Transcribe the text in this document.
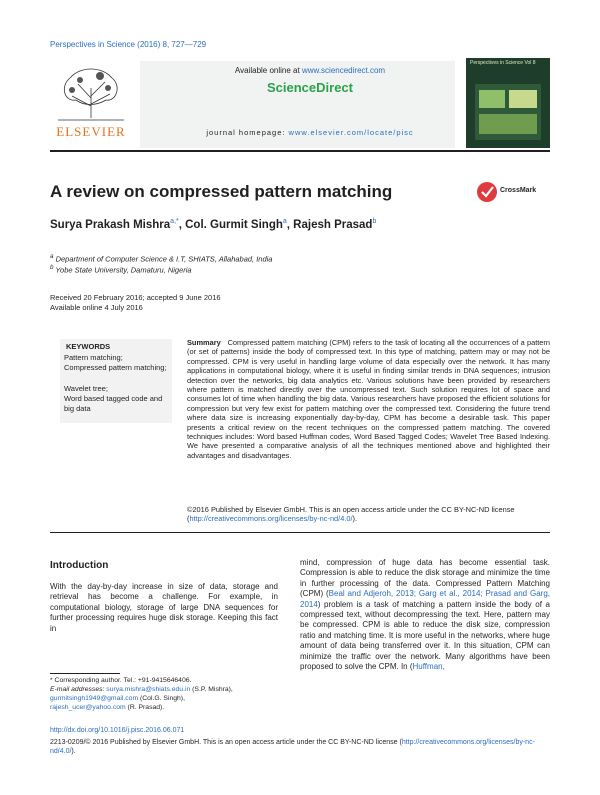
Perspectives in Science (2016) 8, 727—729
ELSEVIER
Available online at www.sciencedirect.com
ScienceDirect
journal homepage: www.elsevier.com/locate/pisc
Perspectives in Science Vol 8
A review on compressed pattern matching	CrossMark
Surya Prakash Mishra$^{a,*}$, Col. Gurmit Singh$^a$, Rajesh Prasad$^b$
$^a$ Department of Computer Science & I.T, SHIATS, Allahabad, India
$^b$ Yobe State University, Damaturu, Nigeria
Received 20 February 2016; accepted 9 June 2016
Available online 4 July 2016
KEYWORDS
Pattern matching;
Compressed pattern matching;
Wavelet tree;
Word based tagged code and big data
Summary Compressed pattern matching (CPM) refers to the task of locating all the occurrences of a pattern (or set of patterns) inside the body of compressed text. In this type of matching, pattern may or may not be compressed. CPM is very useful in handling large volume of data especially over the network. It has many applications in computational biology, where it is useful in finding similar trends in DNA sequences; intrusion detection over the networks, big data analytics etc. Various solutions have been provided by researchers where pattern is matched directly over the uncompressed text. Such solution requires lot of space and consumes lot of time when handling the big data. Various researchers have proposed the efficient solutions for compression but very few exist for pattern matching over the compressed text. Considering the future trend where data size is increasing exponentially day-by-day, CPM has become a desirable task. This paper presents a critical review on the recent techniques on the compressed pattern matching. The covered techniques includes: Word based Huffman codes, Word Based Tagged Codes; Wavelet Tree Based Indexing. We have presented a comparative analysis of all the techniques mentioned above and highlighted their advantages and disadvantages.
©2016 Published by Elsevier GmbH. This is an open access article under the CC BY-NC-ND license (http://creativecommons.org/licenses/by-nc-nd/4.0/).
Introduction
With the day-by-day increase in size of data, storage and retrieval has become a challenge. For example, in computational biology, storage of large DNA sequences for further processing requires huge disk storage. Keeping this fact in
mind, compression of huge data has become essential task. Compression is able to reduce the disk storage and minimize the time in further processing of the data. Compressed Pattern Matching (CPM) (Beal and Adjeroh, 2013; Garg et al., 2014; Prasad and Garg, 2014) problem is a task of matching a pattern inside the body of a compressed text, without decompressing the text. Here, pattern may be compressed. CPM is able to reduce the disk size, compression ratio and matching time. It is more useful in the networks, where huge amount of data being transferred over it. In this situation, CPM can minimize the traffic over the network. Many algorithms have been proposed to solve the CPM. In (Huffman,
* Corresponding author. Tel.: +91-9415646406.
E-mail addresses: surya.mishra@shiats.edu.in (S.P. Mishra),
gurmitsingh1949@gmail.com (Col.G. Singh),
rajesh_ucer@yahoo.com (R. Prasad).
http://dx.doi.org/10.1016/j.pisc.2016.06.071
2213-0209/© 2016 Published by Elsevier GmbH. This is an open access article under the CC BY-NC-ND license (http://creativecommons.org/licenses/by-nc-nd/4.0/).
